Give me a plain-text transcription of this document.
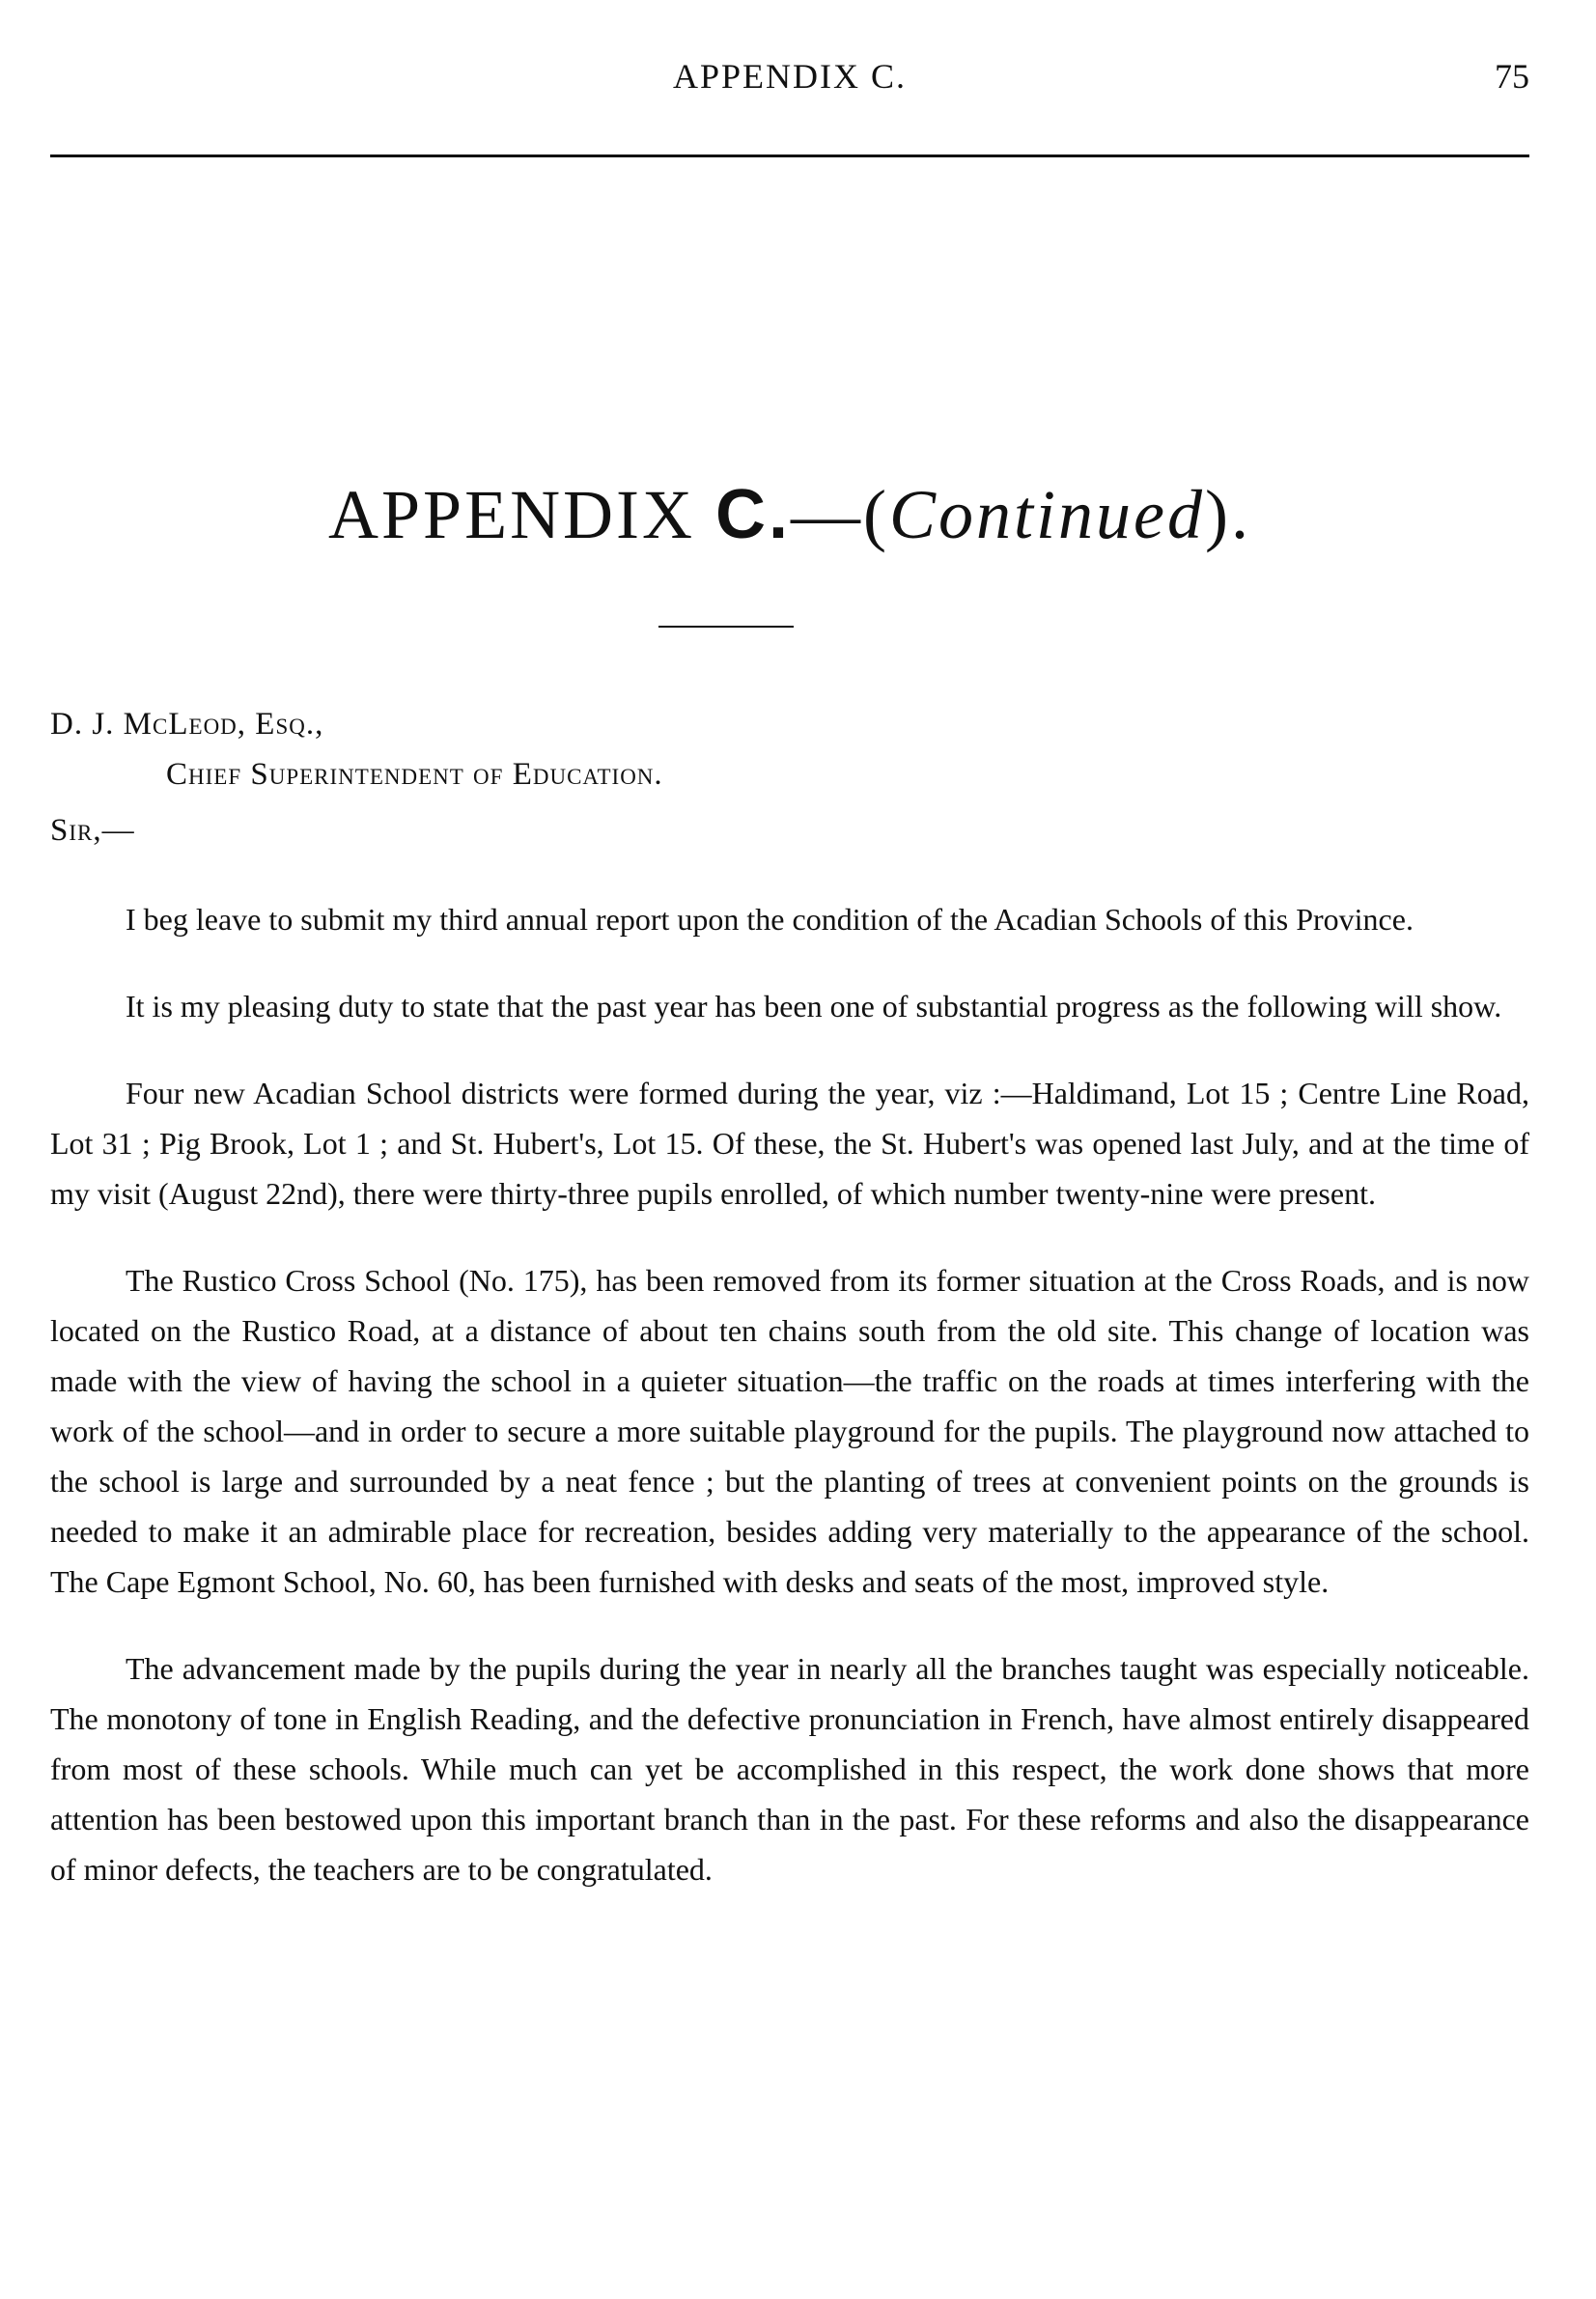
APPENDIX C.	75
APPENDIX C.—(Continued).
D. J. McLeod, Esq.,
Chief Superintendent of Education.
Sir,—

I beg leave to submit my third annual report upon the condition of the Acadian Schools of this Province.

It is my pleasing duty to state that the past year has been one of substantial progress as the following will show.

Four new Acadian School districts were formed during the year, viz :—Haldimand, Lot 15 ; Centre Line Road, Lot 31 ; Pig Brook, Lot 1 ; and St. Hubert's, Lot 15. Of these, the St. Hubert's was opened last July, and at the time of my visit (August 22nd), there were thirty-three pupils enrolled, of which number twenty-nine were present.

The Rustico Cross School (No. 175), has been removed from its former situation at the Cross Roads, and is now located on the Rustico Road, at a distance of about ten chains south from the old site. This change of location was made with the view of having the school in a quieter situation—the traffic on the roads at times interfering with the work of the school—and in order to secure a more suitable playground for the pupils. The playground now attached to the school is large and surrounded by a neat fence ; but the planting of trees at convenient points on the grounds is needed to make it an admirable place for recreation, besides adding very materially to the appearance of the school. The Cape Egmont School, No. 60, has been furnished with desks and seats of the most, improved style.

The advancement made by the pupils during the year in nearly all the branches taught was especially noticeable. The monotony of tone in English Reading, and the defective pronunciation in French, have almost entirely disappeared from most of these schools. While much can yet be accomplished in this respect, the work done shows that more attention has been bestowed upon this important branch than in the past. For these reforms and also the disappearance of minor defects, the teachers are to be congratulated.
